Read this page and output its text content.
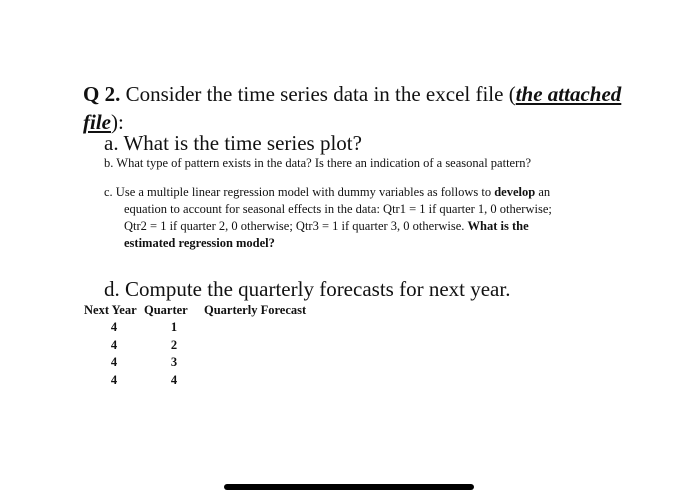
Q 2. Consider the time series data in the excel file (the attached file):
a. What is the time series plot?
b. What type of pattern exists in the data? Is there an indication of a seasonal pattern?
c. Use a multiple linear regression model with dummy variables as follows to develop an
equation to account for seasonal effects in the data: Qtr1 = 1 if quarter 1, 0 otherwise;
Qtr2 = 1 if quarter 2, 0 otherwise; Qtr3 = 1 if quarter 3, 0 otherwise. What is the
estimated regression model?
d. Compute the quarterly forecasts for next year.
Next Year	Quarter	Quarterly Forecast
4	1	
4	2	
4	3	
4	4	
